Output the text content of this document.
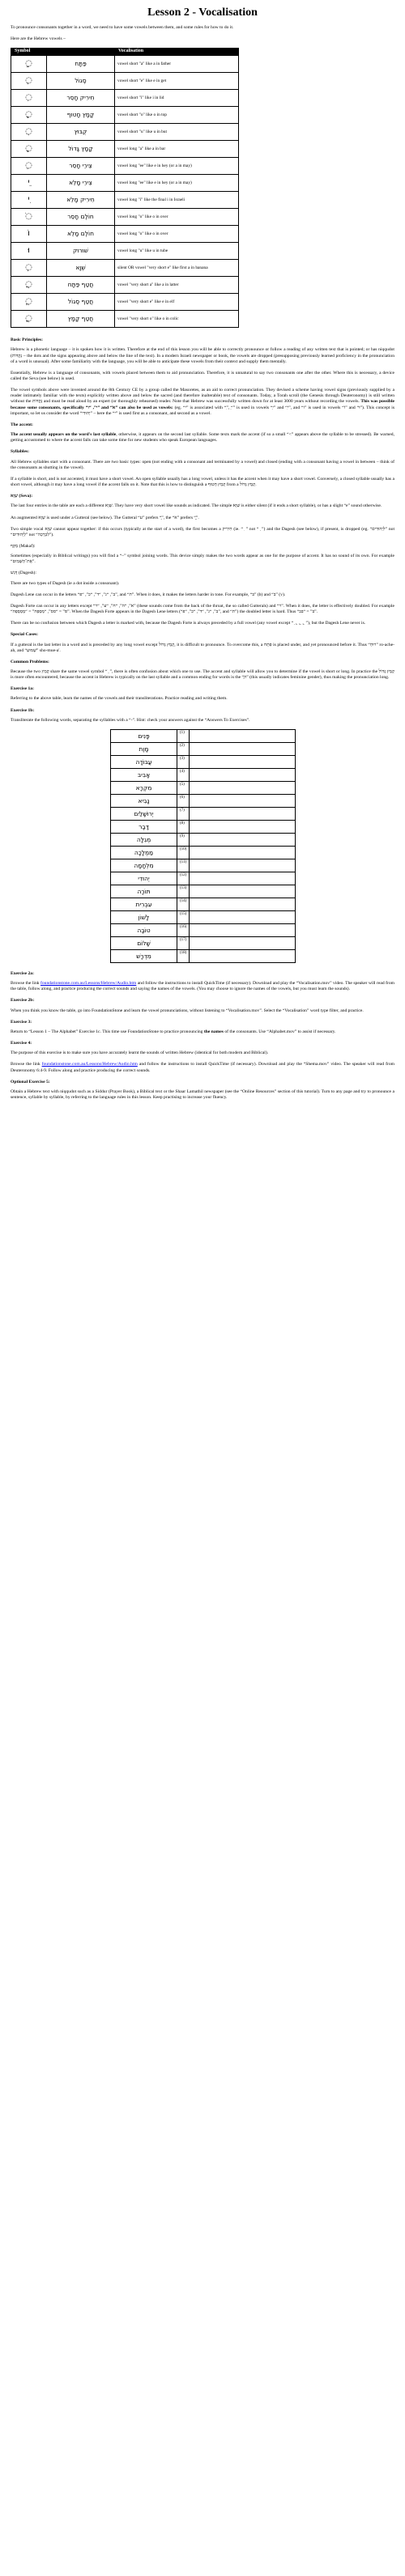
Lesson 2 - Vocalisation

To pronounce consonants together in a word, we need to have some vowels between them, and some rules for how to do it.

Here are the Hebrew vowels –

Symbol		Vocalisation
◌ַ	פַּתָּח	vowel short "a" like a in father
◌ֶ	סֶגוֹל	vowel short "e" like e in get
◌ִ	חִירִיק חָסֵר	vowel short "i" like i in lid
◌ָ	קָמָץ חָטוּף	vowel short "o" like o in top
◌ֻ	קֻבּוּץ	vowel short "u" like u in but
◌ָ	קָמָץ גָּדוֹל	vowel long "a" like a in bar
◌ֵ	צֵירֵי חָסֵר	vowel long "ee" like e in hey (or a in may)
ֵי	צֵירֵי מָלֵא	vowel long "ee" like e in hey (or a in may)
ִי	חִירִיק מָלֵא	vowel long "i" like the final i in Israeli
◌ֹ	חוֹלֶם חָסֵר	vowel long "o" like o in over
וֹ	חוֹלֶם מָלֵא	vowel long "o" like o in over
וּ	שׁוּרוּק	vowel long "u" like u in tube
◌ְ	שְׁוָא	silent OR vowel "very short e" like first a in banana
◌ֲ	חֲטַף פַּתָּח	vowel "very short a" like a in latter
◌ֱ	חֲטַף סֶגוֹל	vowel "very short e" like e in elf
◌ֳ	חֲטַף קָמָץ	vowel "very short o" like o in colic
Basic Principles:

Hebrew is a phonetic language – it is spoken how it is written. Therefore at the end of this lesson you will be able to correctly pronounce or follow a reading of any written text that is pointed; or has niqqudot (נְקֻדּוֹת – the dots and the signs appearing above and below the line of the text). In a modern Israeli newspaper or book, the vowels are dropped (presupposing previously learned proficiency in the pronunciation of a word is unusual). After some familiarity with the language, you will be able to anticipate these vowels from their context and supply them mentally.

Essentially, Hebrew is a language of consonants, with vowels placed between them to aid pronunciation. Therefore, it is unnatural to say two consonants one after the other. Where this is necessary, a device called the Seva (see below) is used.

The vowel symbols above were invented around the 8th Century CE by a group called the Masoretes, as an aid to correct pronunciation. They devised a scheme having vowel signs (previously supplied by a reader intimately familiar with the texts) explicitly written above and below the sacred (and therefore inalterable) text of consonants. Today, a Torah scroll (the Genesis through Deuteronomy) is still written without the נְקֻדּוֹת and must be read aloud by an expert (or thoroughly rehearsed) reader. Note that Hebrew was successfully written down for at least 3000 years without recording the vowels. This was possible because some consonants, specifically “י”, “ו” and “א” can also be used as vowels: (eg. “י” is associated with “ִ”, “ֵ” is used in vowels “ֵי” and “ִי”, and “ו” is used in vowels “וֹ” and “וּ”). This concept is important, so let us consider the word “יְהוּדִי” – here the “י” is used first as a consonant, and second as a vowel.

The accent:

The accent usually appears on the word's last syllable, otherwise, it appears on the second last syllable. Some texts mark the accent (if so a small “<” appears above the syllable to be stressed). Be warned, getting accustomed to where the accent falls can take some time for new students who speak European languages.

Syllables:

All Hebrew syllables start with a consonant. There are two basic types: open (not ending with a consonant and terminated by a vowel) and closed (ending with a consonant having a vowel in between – think of the consonants as shutting in the vowel).

If a syllable is short, and is not accented, it must have a short vowel. An open syllable usually has a long vowel, unless it has the accent when it may have a short vowel. Conversely, a closed syllable usually has a short vowel, although it may have a long vowel if the accent falls on it. Note that this is how to distinguish a קָמָץ חָטוּף from a קָמָץ גָּדוֹל.

שְׁוָא (Seva):

The last four entries in the table are each a different שְׁוָא. They have very short vowel like sounds as indicated. The simple שְׁוָא is either silent (if it ends a short syllable), or has a slight “e” sound otherwise.

An augmented שְׁוָא is used under a Gutteral (see below). The Gutteral “ע” prefers “ֲ”, the “א” prefers “ֱ”.

Two simple vocal שְׁוָא cannot appear together: if this occurs (typically at the start of a word), the first becomes a חִירִיק (ie. “ ִ ” not “ ְ ”) and the Dagesh (see below), if present, is dropped (eg. “לִיְהוּדִים” not “לְיְהוּדִים” not “לִבְרָכָה”).

מַקֵּף (Makaf):

Sometimes (especially in Biblical writings) you will find a “–” symbol joining words. This device simply makes the two words appear as one for the purpose of accent. It has no sound of its own. For example “אֶת־הַשָּׁמַיִם”.

דָּגֵשׁ (Dagesh):

There are two types of Dagesh (ie a dot inside a consonant).

Dagesh Lene can occur in the letters “ב”, “ג”, “ד”, “כ”, “פ”, and “ת”. When it does, it makes the letters harder in tone. For example, “בּ” (b) and “ב” (v).

Dagesh Forte can occur in any letters except “א”, “ה”, “ח”, “ע”, “ר” (these sounds come from the back of the throat, the so called Gutterals) and “ר”. When it does, the letter is effectively doubled. For example “סּ” = “סס”, “מְסָּפָה” = “מְסְסָפָה”. When the Dagesh Forte appears in the Dagesh Lene letters (“ב”, “ג”, “ד”, “כ”, “פ”, and “ת”) the doubled letter is hard. Thus “בּ” = “בּב”.

There can be no confusion between which Dagesh a letter is marked with, because the Dagesh Forte is always preceded by a full vowel (any vowel except “ ְ , ֲ , ֱ , ֳ ”), but the Dagesh Lene never is.

Special Cases:

If a gutteral is the last letter in a word and is preceded by any long vowel except קָמָץ גָּדוֹל, it is difficult to pronounce. To overcome this, a פַּתָּח is placed under, and yet pronounced before it. Thus “רוּחַ” ro-ache-ah, and “שָׁמוּעַ” sho-mue-a'.

Common Problems:

Because the two קָמָץ share the same vowel symbol “ ָ ”, there is often confusion about which one to use. The accent and syllable will allow you to determine if the vowel is short or long. In practice the קָמָץ גָּדוֹל is more often encountered, because the accent in Hebrew is typically on the last syllable and a common ending for words is the “ָה” (this usually indicates feminine gender), thus making the pronunciation long.

Exercise 1a:

Referring to the above table, learn the names of the vowels and their transliterations. Practice reading and writing them.

Exercise 1b:

Transliterate the following words, separating the syllables with a “-”. Hint: check your answers against the “Answers To Exercises”.

פָּנִים	(1)	
מָוֶת	(2)	
עֲבוֹדָה	(3)	
אָבִיב	(4)	
מִקְרָא	(5)	
נָבִיא	(6)	
יְרוּשָׁלַיִם	(7)	
דָּבָר	(8)	
מְגִלָּה	(9)	
מַמְלָכָה	(10)	
מִלְחָמָה	(11)	
יְהוּדִי	(12)	
תּוֹרָה	(13)	
עִבְרִית	(14)	
לָשׁוֹן	(15)	
טוֹבָה	(16)	
שָׁלוֹם	(17)	
מִדְרָשׁ	(18)	
Exercise 2a:

Browse the link foundationstone.com.au/Lessons/Hebrew/Audio.htm and follow the instructions to install QuickTime (if necessary). Download and play the “Vocalisation.mov” video. The speaker will read from the table, follow along, and practice producing the correct sounds and saying the names of the vowels. (You may choose to ignore the names of the vowels, but you must learn the sounds).

Exercise 2b:

When you think you know the table, go into FoundationStone and learn the vowel pronunciations, without listening to “Vocalisation.mov”. Select the “Vocalisation” word type filter, and practice.

Exercise 3:

Return to “Lesson 1 – The Alphabet” Exercise 1c. This time use FoundationStone to practice pronouncing the names of the consonants. Use “Alphabet.mov” to assist if necessary.

Exercise 4:

The purpose of this exercise is to make sure you have accurately learnt the sounds of written Hebrew (identical for both modern and Biblical).

Browse the link foundationstone.com.au/Lessons/Hebrew/Audio.htm and follow the instructions to install QuickTime (if necessary). Download and play the “Shema.mov” video. The speaker will read from Deuteronomy 6:4-9. Follow along and practice producing the correct sounds.

Optional Exercise 5:

Obtain a Hebrew text with niqqudot such as a Siddur (Prayer Book), a Biblical text or the Shaar Lamathil newspaper (see the “Online Resources” section of this tutorial). Turn to any page and try to pronounce a sentence, syllable by syllable, by referring to the language rules in this lesson. Keep practising to increase your fluency.
